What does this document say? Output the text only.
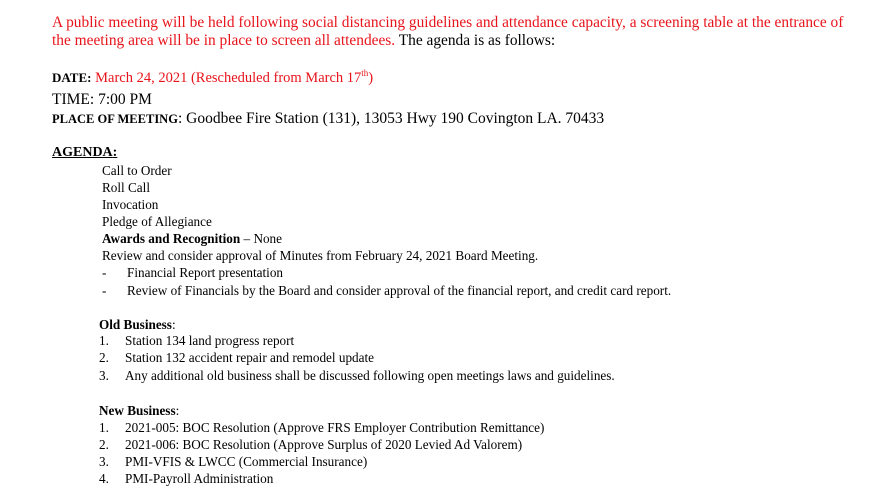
A public meeting will be held following social distancing guidelines and attendance capacity, a screening table at the entrance of the meeting area will be in place to screen all attendees. The agenda is as follows:
DATE: March 24, 2021 (Rescheduled from March 17th)
TIME: 7:00 PM
PLACE OF MEETING: Goodbee Fire Station (131), 13053 Hwy 190 Covington LA. 70433
AGENDA:
Call to Order
Roll Call
Invocation
Pledge of Allegiance
Awards and Recognition – None
Review and consider approval of Minutes from February 24, 2021 Board Meeting.
- Financial Report presentation
- Review of Financials by the Board and consider approval of the financial report, and credit card report.
Old Business:
1. Station 134 land progress report
2. Station 132 accident repair and remodel update
3. Any additional old business shall be discussed following open meetings laws and guidelines.
New Business:
1. 2021-005: BOC Resolution (Approve FRS Employer Contribution Remittance)
2. 2021-006: BOC Resolution (Approve Surplus of 2020 Levied Ad Valorem)
3. PMI-VFIS & LWCC (Commercial Insurance)
4. PMI-Payroll Administration
